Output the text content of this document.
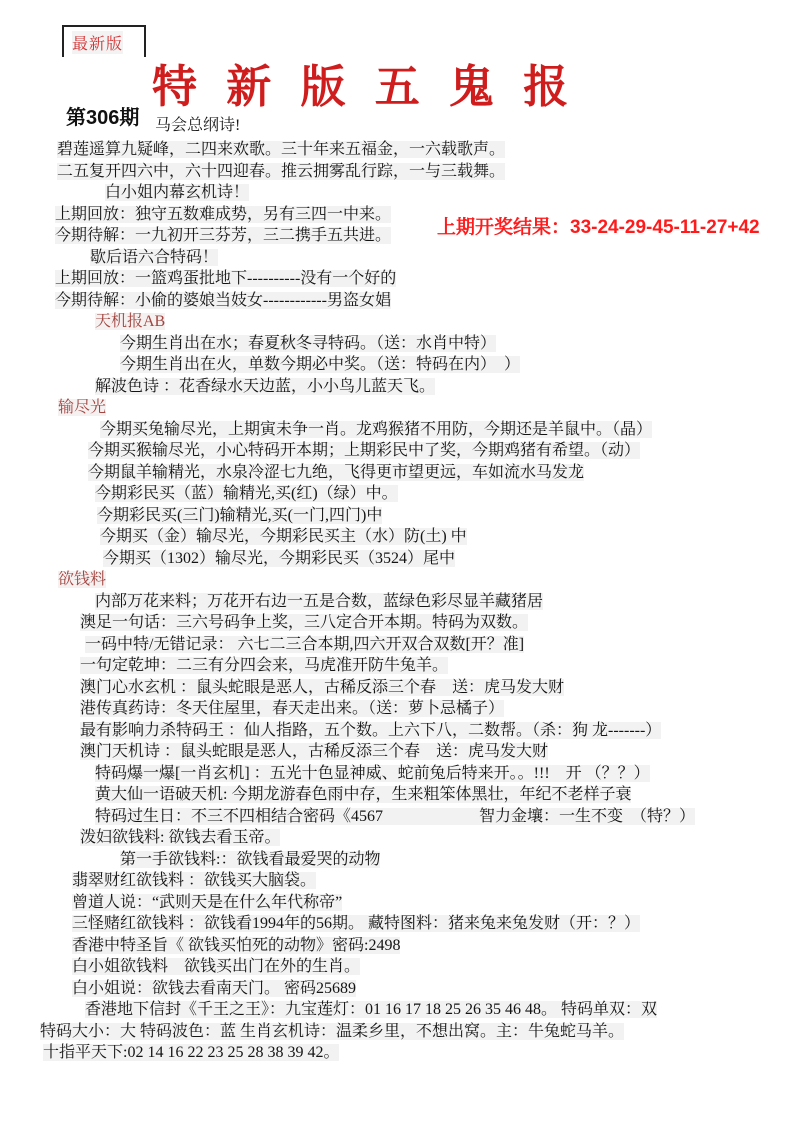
最新版
特 新 版 五 鬼 报
第306期 马会总纲诗!
上期开奖结果：33-24-29-45-11-27+42
碧莲遥算九疑峰，二四来欢歌。三十年来五福金，一六载歌声。
二五复开四六中，六十四迎春。推云拥雾乱行踪，一与三载舞。
白小姐内幕玄机诗！
上期回放：独守五数难成势，另有三四一中来。
今期待解：一九初开三芬芳，三二携手五共进。
歇后语六合特码！
上期回放：一篮鸡蛋批地下----------没有一个好的
今期待解：小偷的婆娘当妓女------------男盗女娼
天机报AB
今期生肖出在水；春夏秋冬寻特码。（送：水肖中特）
今期生肖出在火，单数今期必中奖。（送：特码在内）　）
解波色诗 ：花香绿水天边蓝，小小鸟儿蓝天飞。
输尽光
今期买兔输尽光，上期寅未争一肖。龙鸡猴猪不用防，今期还是羊鼠中。（晶）
今期买猴输尽光，小心特码开本期；上期彩民中了奖，今期鸡猪有希望。（动）
今期鼠羊输精光，水泉冷涩七九绝，飞得更市望更远，车如流水马发龙
今期彩民买（蓝）输精光,买(红)（绿）中。
今期彩民买(三门)输精光,买(一门,四门)中
今期买（金）输尽光，今期彩民买主（水）防(土) 中
今期买（1302）输尽光，今期彩民买（3524）尾中
欲钱料
内部万花来料；万花开右边一五是合数，蓝绿色彩尽显羊藏猪居
澳足一句话：三六号码争上奖，三八定合开本期。特码为双数。
一码中特/无错记录： 六七二三合本期,四六开双合双数[开？准]
一句定乾坤：二三有分四会来，马虎准开防牛兔羊。
澳门心水玄机 ：鼠头蛇眼是恶人，古稀反添三个春　送：虎马发大财
港传真药诗：冬天住屋里，春天走出来。（送：萝卜忌橘子）
最有影响力杀特码王 ：仙人指路，五个数。上六下八，二数帮。（杀：狗 龙-------）
澳门天机诗 ：鼠头蛇眼是恶人，古稀反添三个春　送：虎马发大财
特码爆一爆[一肖玄机] ：五光十色显神威、蛇前兔后特来开。。!!!　开 （？？）
黄大仙一语破天机: 今期龙游春色雨中存，生来粗笨体黑壮，年纪不老样子衰
特码过生日：不三不四相结合密码《4567　　　　　　智力金壤：一生不变　（特？）
泼妇欲钱料: 欲钱去看玉帝。
第一手欲钱料:：欲钱看最爱哭的动物
翡翠财红欲钱料 ：欲钱买大脑袋。
曾道人说：“武则天是在什么年代称帝”
三怪赌红欲钱料 ：欲钱看1994年的56期。 藏特图料：猪来兔来兔发财（开：？）
香港中特圣旨《 欲钱买怕死的动物》密码:2498
白小姐欲钱料　欲钱买出门在外的生肖。
白小姐说：欲钱去看南天门。 密码25689
香港地下信封《千王之王》：九宝莲灯：01 16 17 18 25 26 35 46 48。 特码单双：双
特码大小：大 特码波色：蓝 生肖玄机诗：温柔乡里，不想出窝。主：牛兔蛇马羊。
十指平天下:02 14 16 22 23 25 28 38 39 42。
